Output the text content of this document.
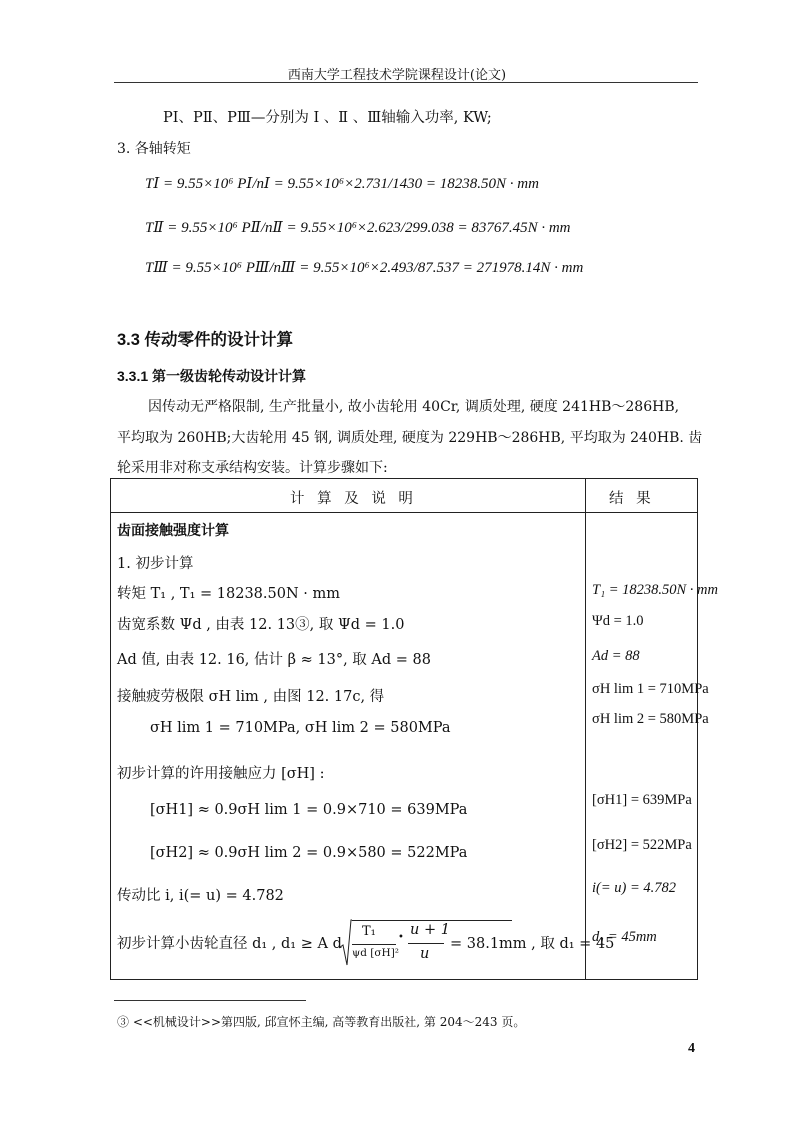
西南大学工程技术学院课程设计(论文)
PⅠ、PⅡ、PⅢ—分别为 Ⅰ 、Ⅱ 、Ⅲ轴输入功率, KW;
3. 各轴转矩
TⅠ = 9.55×10⁶ PⅠ/nⅠ = 9.55×10⁶×2.731/1430 = 18238.50N · mm
TⅡ = 9.55×10⁶ PⅡ/nⅡ = 9.55×10⁶×2.623/299.038 = 83767.45N · mm
TⅢ = 9.55×10⁶ PⅢ/nⅢ = 9.55×10⁶×2.493/87.537 = 271978.14N · mm
3.3 传动零件的设计计算
3.3.1 第一级齿轮传动设计计算
因传动无严格限制, 生产批量小, 故小齿轮用 40Cr, 调质处理, 硬度 241HB～286HB,
平均取为 260HB;大齿轮用 45 钢, 调质处理, 硬度为 229HB～286HB, 平均取为 240HB. 齿
轮采用非对称支承结构安装。计算步骤如下:
计 算 及 说 明	结 果
齿面接触强度计算
1. 初步计算
转矩 T₁ , T₁ = 18238.50N · mm
齿宽系数 Ψd , 由表 12. 13③, 取 Ψd = 1.0
Ad 值, 由表 12. 16, 估计 β ≈ 13°, 取 Ad = 88
接触疲劳极限 σH lim , 由图 12. 17c, 得
σH lim 1 = 710MPa, σH lim 2 = 580MPa
初步计算的许用接触应力 [σH] :
[σH1] ≈ 0.9σH lim 1 = 0.9×710 = 639MPa
[σH2] ≈ 0.9σH lim 2 = 0.9×580 = 522MPa
传动比 i, i(= u) = 4.782
初步计算小齿轮直径 d₁ , d₁ ≥ A d
T₁
ψd [σH]²
• u + 1
u
= 38.1mm , 取 d₁ = 45
T₁ = 18238.50N · mm
Ψd = 1.0
Ad = 88
σH lim 1 = 710MPa
σH lim 2 = 580MPa
[σH1] = 639MPa
[σH2] = 522MPa
i(= u) = 4.782
d₁ = 45mm
③ <<机械设计>>第四版, 邱宣怀主编, 高等教育出版社, 第 204～243 页。
4
